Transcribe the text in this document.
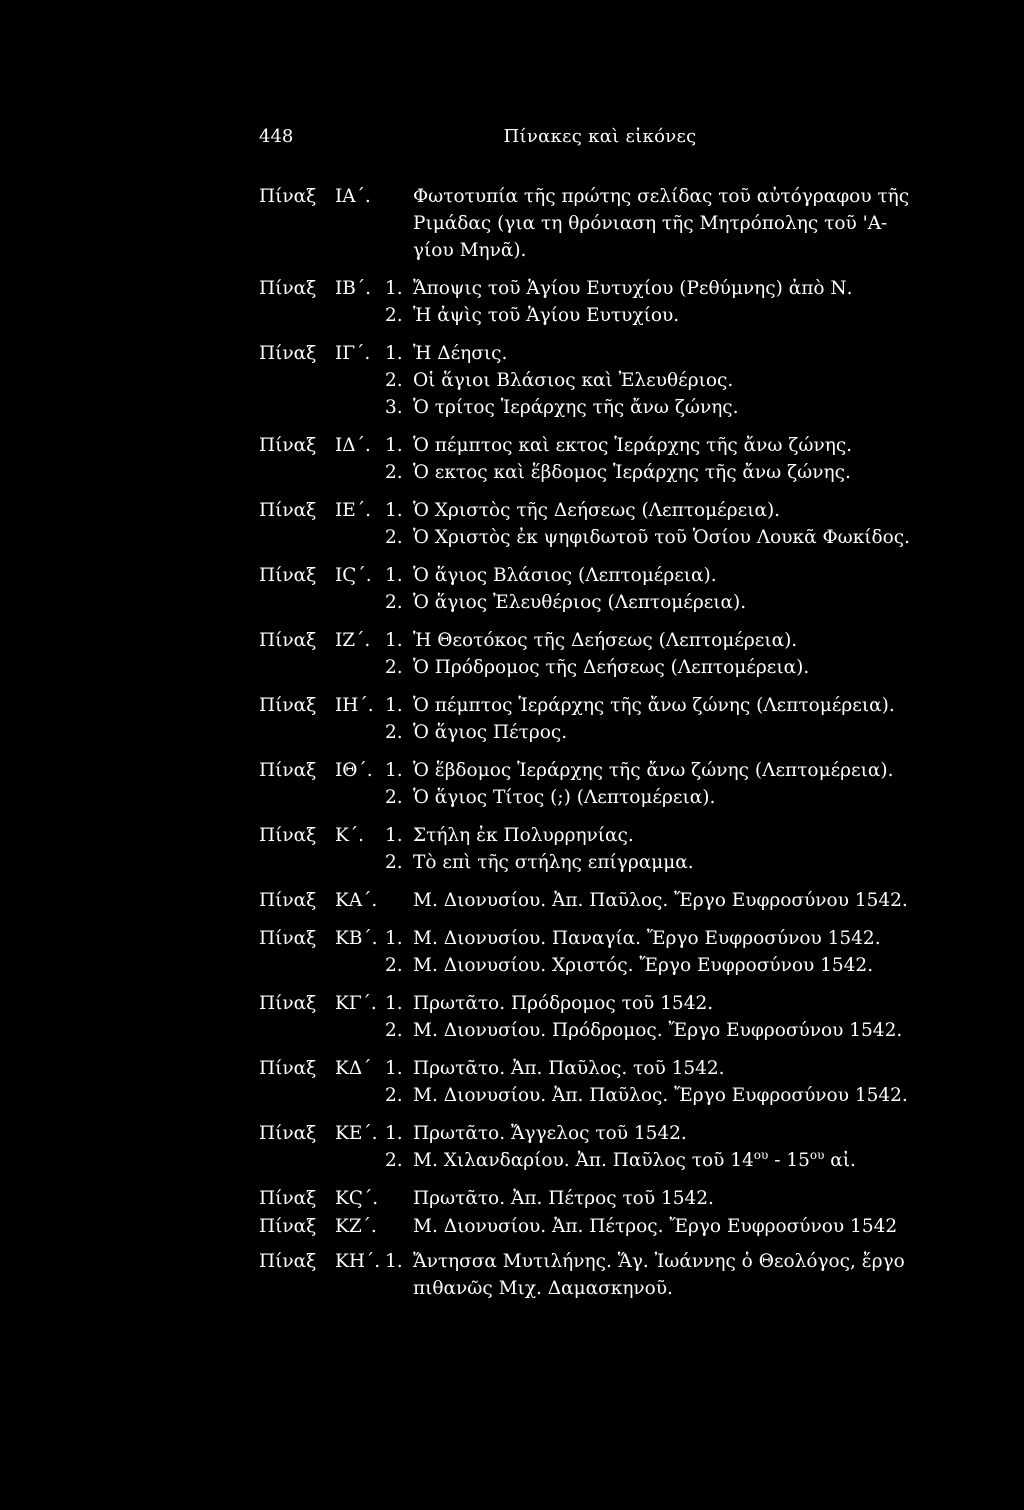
448	Πίνακες καὶ εἰκόνες
Πίναξ ΙΑ΄. Φωτοτυπία τῆς πρώτης σελίδας τοῦ αὐτόγραφου τῆς
Ριμάδας (για τη θρόνιαση τῆς Μητρόπολης τοῦ 'Α-
γίου Μηνᾶ).
Πίναξ ΙΒ΄. 1. Ἄποψις τοῦ Ἁγίου Ευτυχίου (Ρεθύμνης) ἀπὸ Ν.
2. Ἡ ἀψὶς τοῦ Ἁγίου Ευτυχίου.
Πίναξ ΙΓ΄. 1. Ἡ Δέησις.
2. Οἱ ἅγιοι Βλάσιος καὶ Ἐλευθέριος.
3. Ὁ τρίτος Ἱεράρχης τῆς ἄνω ζώνης.
Πίναξ ΙΔ΄. 1. Ὁ πέμπτος καὶ εκτος Ἱεράρχης τῆς ἄνω ζώνης.
2. Ὁ εκτος καὶ ἕβδομος Ἱεράρχης τῆς ἄνω ζώνης.
Πίναξ ΙΕ΄. 1. Ὁ Χριστὸς τῆς Δεήσεως (Λεπτομέρεια).
2. Ὁ Χριστὸς ἐκ ψηφιδωτοῦ τοῦ Ὁσίου Λουκᾶ Φωκίδος.
Πίναξ ΙϚ΄. 1. Ὁ ἅγιος Βλάσιος (Λεπτομέρεια).
2. Ὁ ἅγιος Ἐλευθέριος (Λεπτομέρεια).
Πίναξ ΙΖ΄. 1. Ἡ Θεοτόκος τῆς Δεήσεως (Λεπτομέρεια).
2. Ὁ Πρόδρομος τῆς Δεήσεως (Λεπτομέρεια).
Πίναξ ΙΗ΄. 1. Ὁ πέμπτος Ἱεράρχης τῆς ἄνω ζώνης (Λεπτομέρεια).
2. Ὁ ἅγιος Πέτρος.
Πίναξ ΙΘ΄. 1. Ὁ ἕβδομος Ἱεράρχης τῆς ἄνω ζώνης (Λεπτομέρεια).
2. Ὁ ἅγιος Τίτος (;) (Λεπτομέρεια).
Πίναξ Κ΄. 1. Στήλη ἐκ Πολυρρηνίας.
2. Τὸ επὶ τῆς στήλης επίγραμμα.
Πίναξ ΚΑ΄. Μ. Διονυσίου. Ἀπ. Παῦλος. Ἔργο Ευφροσύνου 1542.
Πίναξ ΚΒ΄. 1. Μ. Διονυσίου. Παναγία. Ἔργο Ευφροσύνου 1542.
2. Μ. Διονυσίου. Χριστός. Ἔργο Ευφροσύνου 1542.
Πίναξ ΚΓ΄. 1. Πρωτᾶτο. Πρόδρομος τοῦ 1542.
2. Μ. Διονυσίου. Πρόδρομος. Ἔργο Ευφροσύνου 1542.
Πίναξ ΚΔ΄ 1. Πρωτᾶτο. Ἀπ. Παῦλος. τοῦ 1542.
2. Μ. Διονυσίου. Ἀπ. Παῦλος. Ἔργο Ευφροσύνου 1542.
Πίναξ ΚΕ΄. 1. Πρωτᾶτο. Ἄγγελος τοῦ 1542.
2. Μ. Χιλανδαρίου. Ἀπ. Παῦλος τοῦ $14^{o\upsilon} - 15^{o\upsilon}$ αἰ.
Πίναξ ΚϚ΄. Πρωτᾶτο. Ἀπ. Πέτρος τοῦ 1542.
Πίναξ ΚΖ΄. Μ. Διονυσίου. Ἀπ. Πέτρος. Ἔργο Ευφροσύνου 1542
Πίναξ ΚΗ΄. 1. Ἄντησσα Μυτιλήνης. Ἅγ. Ἰωάννης ὁ Θεολόγος, ἔργο
πιθανῶς Μιχ. Δαμασκηνοῦ.
